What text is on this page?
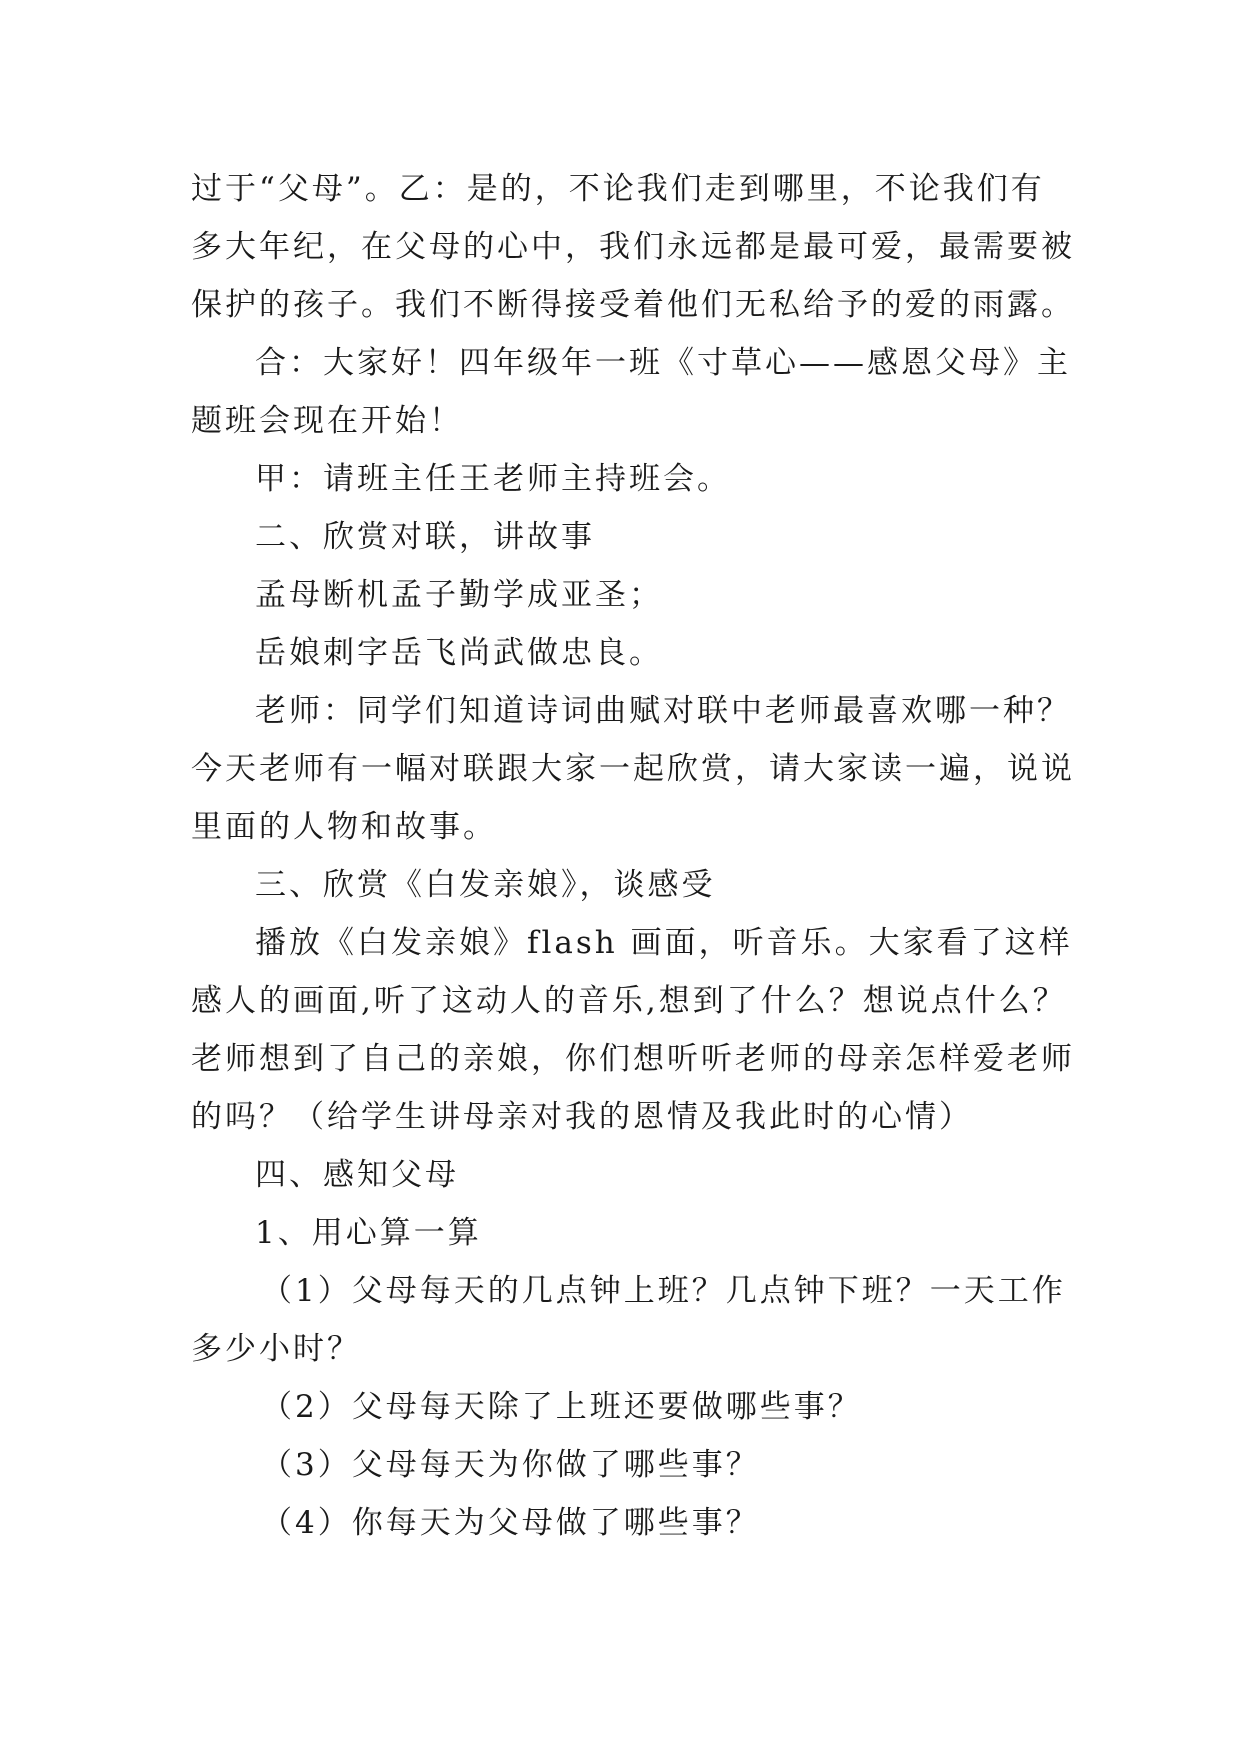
过于“父母”。乙：是的，不论我们走到哪里，不论我们有

多大年纪，在父母的心中，我们永远都是最可爱，最需要被

保护的孩子。我们不断得接受着他们无私给予的爱的雨露。

合：大家好！四年级年一班《寸草心——感恩父母》主

题班会现在开始！

甲：请班主任王老师主持班会。

二、欣赏对联，讲故事

孟母断机孟子勤学成亚圣；

岳娘刺字岳飞尚武做忠良。

老师：同学们知道诗词曲赋对联中老师最喜欢哪一种？

今天老师有一幅对联跟大家一起欣赏，请大家读一遍，说说

里面的人物和故事。

三、欣赏《白发亲娘》，谈感受

播放《白发亲娘》flash 画面，听音乐。大家看了这样

感人的画面,听了这动人的音乐,想到了什么？想说点什么？

老师想到了自己的亲娘，你们想听听老师的母亲怎样爱老师

的吗？（给学生讲母亲对我的恩情及我此时的心情）

四、感知父母

1、用心算一算

（1）父母每天的几点钟上班？几点钟下班？一天工作

多少小时？

（2）父母每天除了上班还要做哪些事？

（3）父母每天为你做了哪些事？

（4）你每天为父母做了哪些事？
